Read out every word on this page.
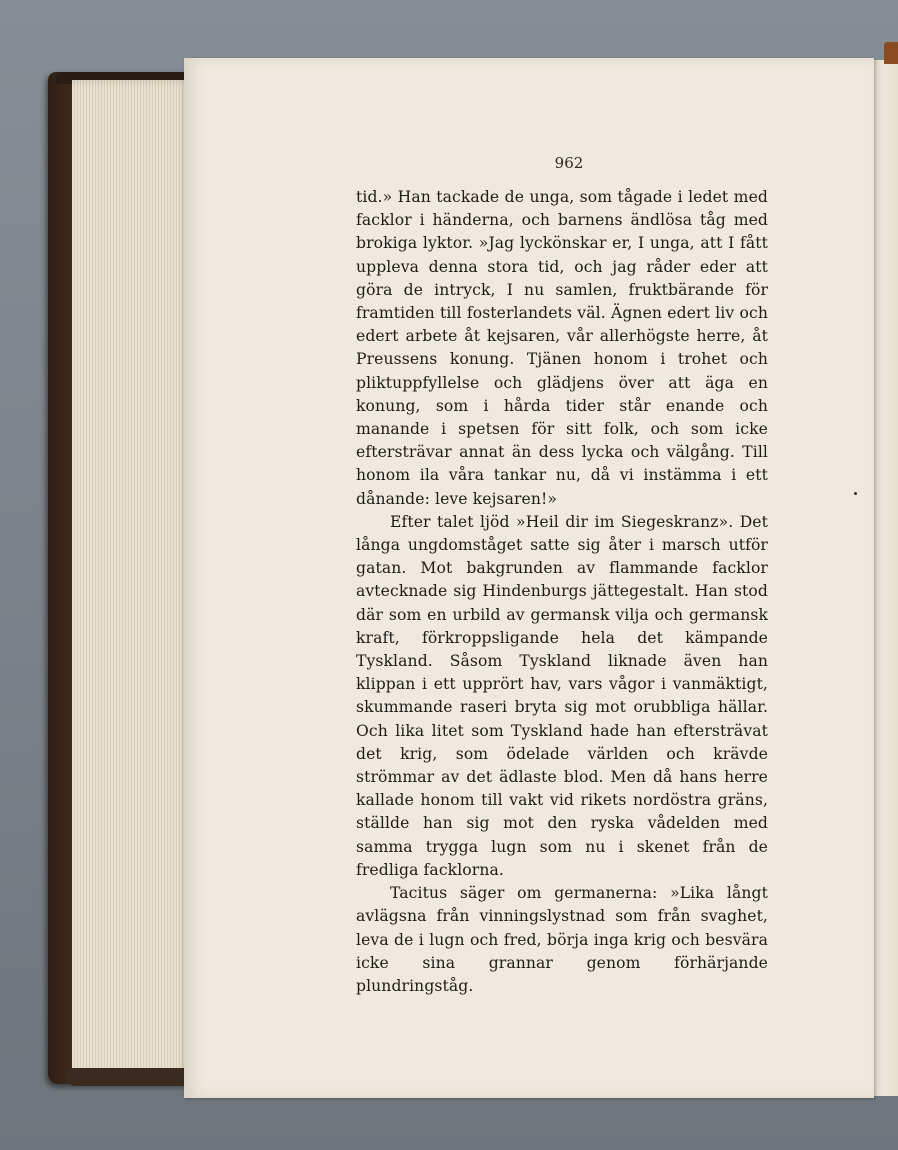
962

tid.» Han tackade de unga, som tågade i ledet med facklor i händerna, och barnens ändlösa tåg med brokiga lyktor. »Jag lyckönskar er, I unga, att I fått uppleva denna stora tid, och jag råder eder att göra de intryck, I nu samlen, fruktbärande för framtiden till fosterlandets väl. Ägnen edert liv och edert arbete åt kejsaren, vår allerhögste herre, åt Preussens konung. Tjänen honom i trohet och pliktuppfyllelse och glädjens över att äga en konung, som i hårda tider står enande och manande i spetsen för sitt folk, och som icke eftersträvar annat än dess lycka och välgång. Till honom ila våra tankar nu, då vi instämma i ett dånande: leve kejsaren!»

Efter talet ljöd »Heil dir im Siegeskranz». Det långa ungdomståget satte sig åter i marsch utför gatan. Mot bakgrunden av flammande facklor avtecknade sig Hindenburgs jättegestalt. Han stod där som en urbild av germansk vilja och germansk kraft, förkroppsligande hela det kämpande Tyskland. Såsom Tyskland liknade även han klippan i ett upprört hav, vars vågor i vanmäktigt, skummande raseri bryta sig mot orubbliga hällar. Och lika litet som Tyskland hade han eftersträvat det krig, som ödelade världen och krävde strömmar av det ädlaste blod. Men då hans herre kallade honom till vakt vid rikets nordöstra gräns, ställde han sig mot den ryska vådelden med samma trygga lugn som nu i skenet från de fredliga facklorna.

Tacitus säger om germanerna: »Lika långt avlägsna från vinningslystnad som från svaghet, leva de i lugn och fred, börja inga krig och besvära icke sina grannar genom förhärjande plundringståg.
